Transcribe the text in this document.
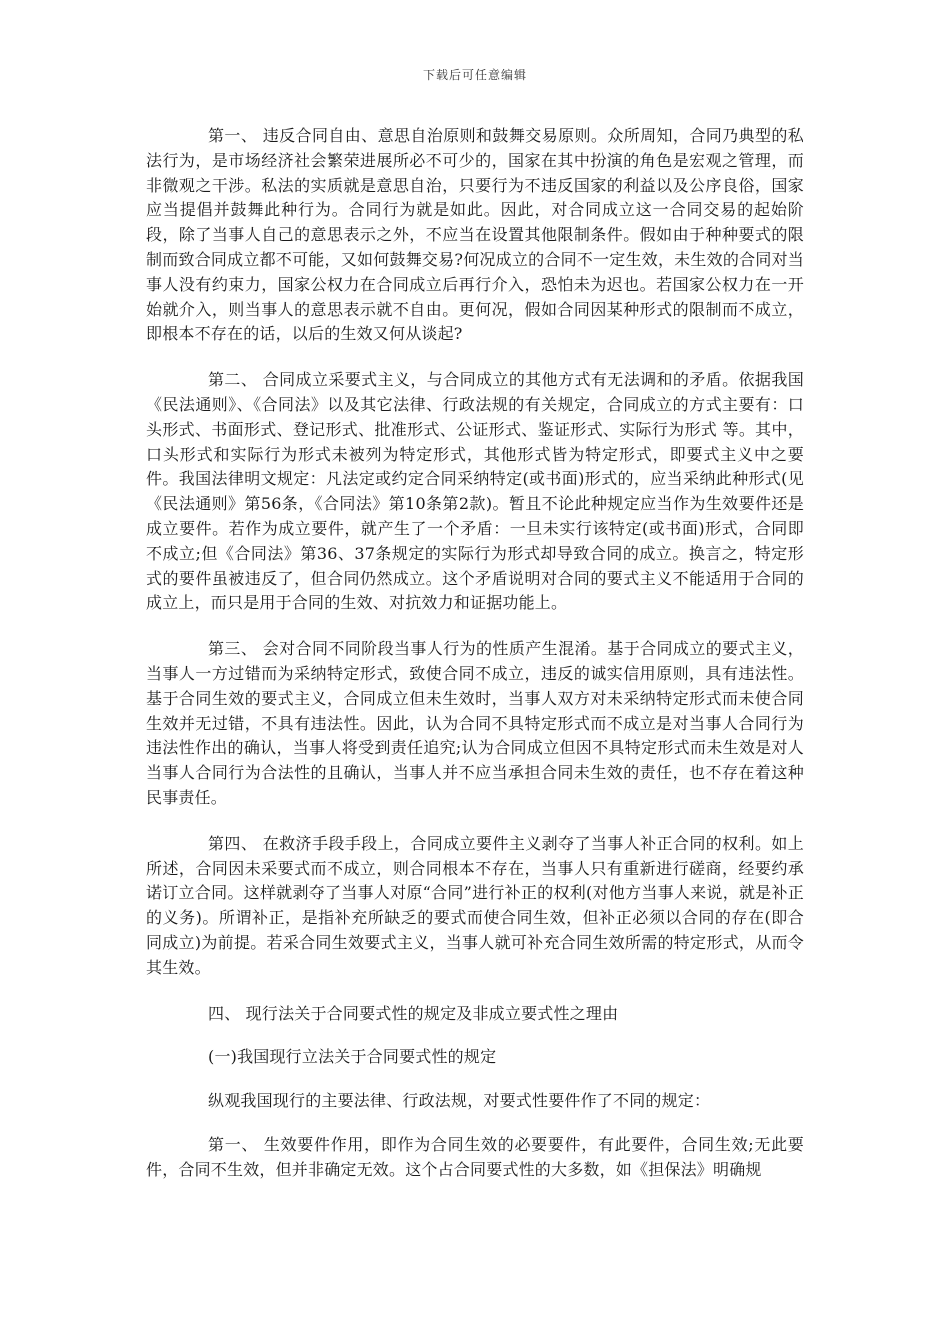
下载后可任意编辑

第一、 违反合同自由、意思自治原则和鼓舞交易原则。众所周知，合同乃典型的私法行为，是市场经济社会繁荣进展所必不可少的，国家在其中扮演的角色是宏观之管理，而非微观之干涉。私法的实质就是意思自治，只要行为不违反国家的利益以及公序良俗，国家应当提倡并鼓舞此种行为。合同行为就是如此。因此，对合同成立这一合同交易的起始阶段，除了当事人自己的意思表示之外，不应当在设置其他限制条件。假如由于种种要式的限制而致合同成立都不可能，又如何鼓舞交易?何况成立的合同不一定生效，未生效的合同对当事人没有约束力，国家公权力在合同成立后再行介入，恐怕未为迟也。若国家公权力在一开始就介入，则当事人的意思表示就不自由。更何况，假如合同因某种形式的限制而不成立，即根本不存在的话，以后的生效又何从谈起?

第二、 合同成立采要式主义，与合同成立的其他方式有无法调和的矛盾。依据我国《民法通则》、《合同法》以及其它法律、行政法规的有关规定，合同成立的方式主要有：口头形式、书面形式、登记形式、批准形式、公证形式、鉴证形式、实际行为形式 等。其中，口头形式和实际行为形式未被列为特定形式，其他形式皆为特定形式，即要式主义中之要件。我国法律明文规定：凡法定或约定合同采纳特定(或书面)形式的，应当采纳此种形式(见《民法通则》第56条，《合同法》第10条第2款)。暂且不论此种规定应当作为生效要件还是成立要件。若作为成立要件，就产生了一个矛盾：一旦未实行该特定(或书面)形式，合同即不成立;但《合同法》第36、37条规定的实际行为形式却导致合同的成立。换言之，特定形式的要件虽被违反了，但合同仍然成立。这个矛盾说明对合同的要式主义不能适用于合同的成立上，而只是用于合同的生效、对抗效力和证据功能上。

第三、 会对合同不同阶段当事人行为的性质产生混淆。基于合同成立的要式主义，当事人一方过错而为采纳特定形式，致使合同不成立，违反的诚实信用原则，具有违法性。基于合同生效的要式主义，合同成立但未生效时，当事人双方对未采纳特定形式而未使合同生效并无过错，不具有违法性。因此，认为合同不具特定形式而不成立是对当事人合同行为违法性作出的确认，当事人将受到责任追究;认为合同成立但因不具特定形式而未生效是对人当事人合同行为合法性的且确认，当事人并不应当承担合同未生效的责任，也不存在着这种民事责任。

第四、 在救济手段手段上，合同成立要件主义剥夺了当事人补正合同的权利。如上所述，合同因未采要式而不成立，则合同根本不存在，当事人只有重新进行磋商，经要约承诺订立合同。这样就剥夺了当事人对原“合同”进行补正的权利(对他方当事人来说，就是补正的义务)。所谓补正，是指补充所缺乏的要式而使合同生效，但补正必须以合同的存在(即合同成立)为前提。若采合同生效要式主义，当事人就可补充合同生效所需的特定形式，从而令其生效。

四、 现行法关于合同要式性的规定及非成立要式性之理由

(一)我国现行立法关于合同要式性的规定

纵观我国现行的主要法律、行政法规，对要式性要件作了不同的规定：

第一、 生效要件作用，即作为合同生效的必要要件，有此要件，合同生效;无此要件，合同不生效，但并非确定无效。这个占合同要式性的大多数，如《担保法》明确规
